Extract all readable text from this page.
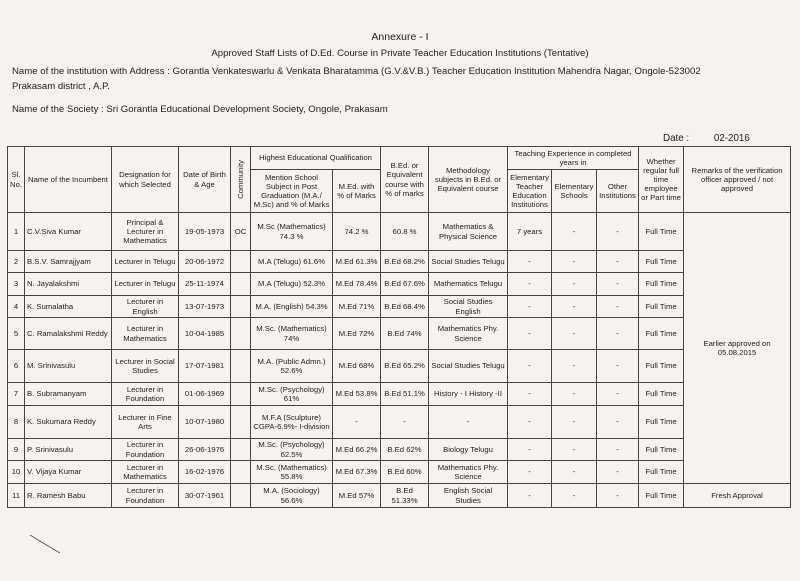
Annexure - I
Approved Staff Lists of D.Ed. Course in Private Teacher Education Institutions (Tentative)
Name of the institution with Address : Gorantla Venkateswarlu & Venkata Bharatamma (G.V.&V.B.) Teacher Education Institution Mahendra Nagar, Ongole-523002
Prakasam district , A.P.
Name of the Society : Sri Gorantla Educational Development Society, Ongole, Prakasam
Date :	02-2016
Sl. No.	Name of the Incumbent	Designation for which Selected	Date of Birth & Age	Community	Highest Educational Qualification		B.Ed. or Equivalent course with % of marks	Methodology subjects in B.Ed. or Equivalent course	Teaching Experience in completed years in			Whether regular full time employee or Part time	Remarks of the verification officer approved / not approved
					Mention School Subject in Post Graduation (M.A./ M.Sc) and % of Marks	M.Ed. with % of Marks			Elementary Teacher Education Institutions	Elementary Schools	Other Institutions		
1	C.V.Siva Kumar	Principal & Lecturer in Mathematics	19-05-1973	OC	M.Sc (Mathematics) 74.3 %	74.2 %	60.8 %	Mathematics & Physical Science	7 years	-	-	Full Time	Earlier approved on 05.08.2015
2	B.S.V. Samrajjyam	Lecturer in Telugu	20-06-1972		M.A (Telugu) 61.6%	M.Ed 61.3%	B.Ed 68.2%	Social Studies Telugu	-	-	-	Full Time	
3	N. Jayalakshmi	Lecturer in Telugu	25-11-1974		M.A (Telugu) 52.3%	M.Ed 78.4%	B.Ed 67.6%	Mathematics Telugu	-	-	-	Full Time	
4	K. Sumalatha	Lecturer in English	13-07-1973		M.A. (English) 54.3%	M.Ed 71%	B.Ed 68.4%	Social Studies English	-	-	-	Full Time	
5	C. Ramalakshmi Reddy	Lecturer in Mathematics	10-04-1985		M.Sc. (Mathematics) 74%	M.Ed 72%	B.Ed 74%	Mathematics Phy. Science	-	-	-	Full Time	
6	M. Srinivasulu	Lecturer in Social Studies	17-07-1981		M.A. (Public Admn.) 52.6%	M.Ed 68%	B.Ed 65.2%	Social Studies Telugu	-	-	-	Full Time	
7	B. Subramanyam	Lecturer in Foundation	01-06-1969		M.Sc. (Psychology) 61%	M.Ed 53.8%	B.Ed 51.1%	History - I History -II	-	-	-	Full Time	
8	K. Sukumara Reddy	Lecturer in Fine Arts	10-07-1980		M.F.A (Sculpture) CGPA-6.9%- I-division	-	-	-	-	-	-	Full Time	
9	P. Srinivasulu	Lecturer in Foundation	26-06-1976		M.Sc. (Psychology) 62.5%	M.Ed 66.2%	B.Ed 62%	Biology Telugu	-	-	-	Full Time	
10	V. Vijaya Kumar	Lecturer in Mathematics	16-02-1976		M.Sc. (Mathematics) 55.8%	M.Ed 67.3%	B.Ed 60%	Mathematics Phy. Science	-	-	-	Full Time	
11	R. Ramesh Babu	Lecturer in Foundation	30-07-1961		M.A. (Sociology) 56.6%	M.Ed 57%	B.Ed 51.33%	English Social Studies	-	-	-	Full Time	Fresh Approval
